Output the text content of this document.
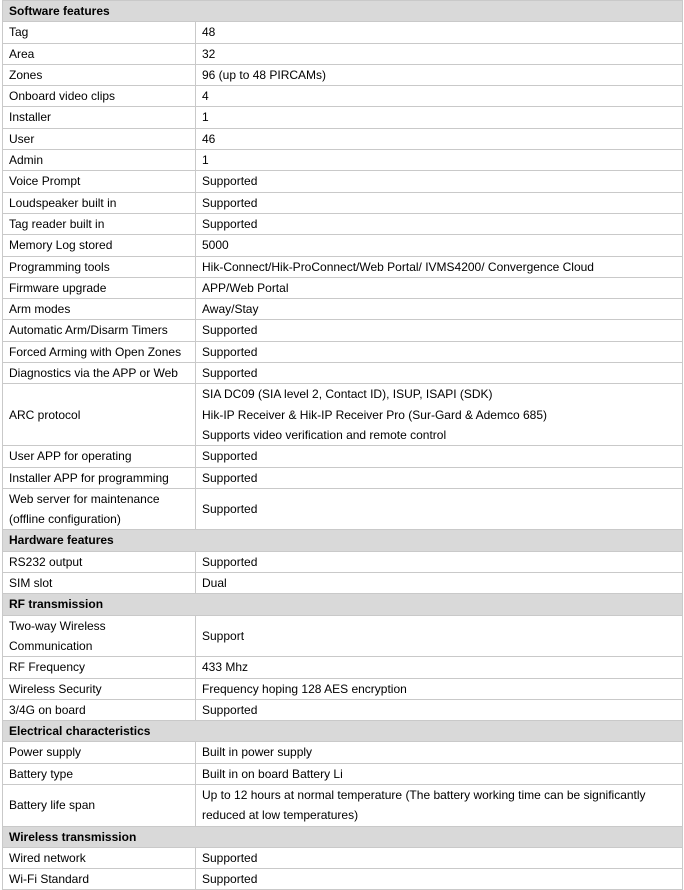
Software features	
Tag	48
Area	32
Zones	96 (up to 48 PIRCAMs)
Onboard video clips	4
Installer	1
User	46
Admin	1
Voice Prompt	Supported
Loudspeaker built in	Supported
Tag reader built in	Supported
Memory Log stored	5000
Programming tools	Hik-Connect/Hik-ProConnect/Web Portal/ IVMS4200/ Convergence Cloud
Firmware upgrade	APP/Web Portal
Arm modes	Away/Stay
Automatic Arm/Disarm Timers	Supported
Forced Arming with Open Zones	Supported
Diagnostics via the APP or Web	Supported
ARC protocol	SIA DC09 (SIA level 2, Contact ID), ISUP, ISAPI (SDK)
Hik-IP Receiver & Hik-IP Receiver Pro (Sur-Gard & Ademco 685)
Supports video verification and remote control

User APP for operating	Supported
Installer APP for programming	Supported

Web server for maintenance
(offline configuration)	Supported
Hardware features	
RS232 output	Supported
SIM slot	Dual
RF transmission	

Two-way Wireless
Communication	Support
RF Frequency	433 Mhz
Wireless Security	Frequency hoping 128 AES encryption
3/4G on board	Supported
Electrical characteristics	
Power supply	Built in power supply
Battery type	Built in on board Battery Li
Battery life span	Up to 12 hours at normal temperature (The battery working time can be significantly
reduced at low temperatures)

Wireless transmission	
Wired network	Supported
Wi-Fi Standard	Supported
